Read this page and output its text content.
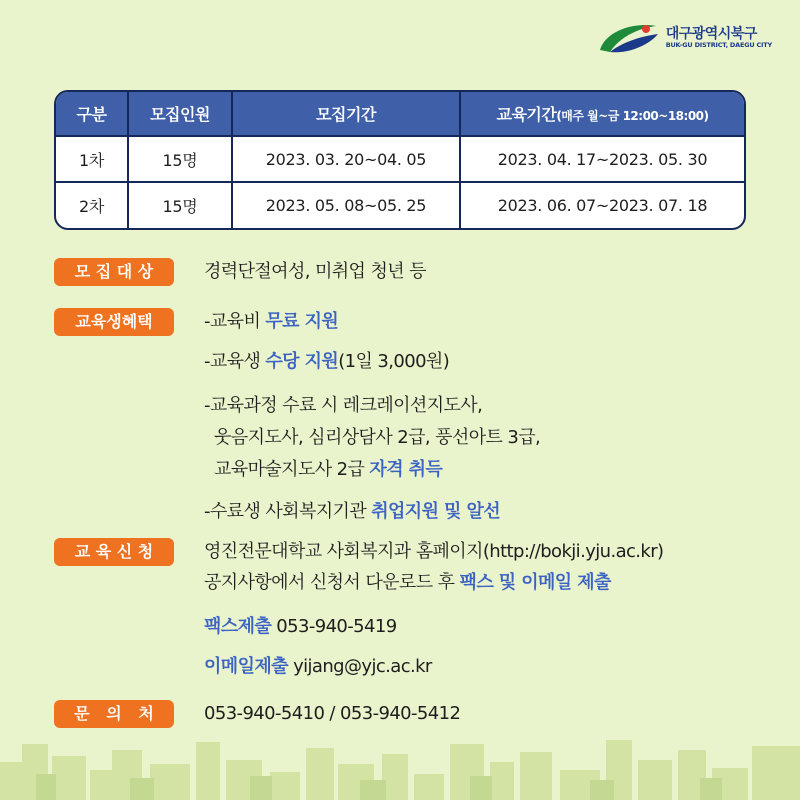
대구광역시북구
BUK-GU DISTRICT, DAEGU CITY
구분	모집인원	모집기간	교육기간(매주 월~금 12:00~18:00)
1차	15명	2023. 03. 20~04. 05	2023. 04. 17~2023. 05. 30
2차	15명	2023. 05. 08~05. 25	2023. 06. 07~2023. 07. 18
모 집 대 상	경력단절여성, 미취업 청년 등
교육생혜택	-교육비 무료 지원
-교육생 수당 지원(1일 3,000원)
-교육과정 수료 시 레크레이션지도사,
웃음지도사, 심리상담사 2급, 풍선아트 3급,
교육마술지도사 2급 자격 취득
-수료생 사회복지기관 취업지원 및 알선
교 육 신 청	영진전문대학교 사회복지과 홈페이지(http://bokji.yju.ac.kr)
공지사항에서 신청서 다운로드 후 팩스 및 이메일 제출
팩스제출 053-940-5419
이메일제출 yijang@yjc.ac.kr
문   의   처	053-940-5410 / 053-940-5412
